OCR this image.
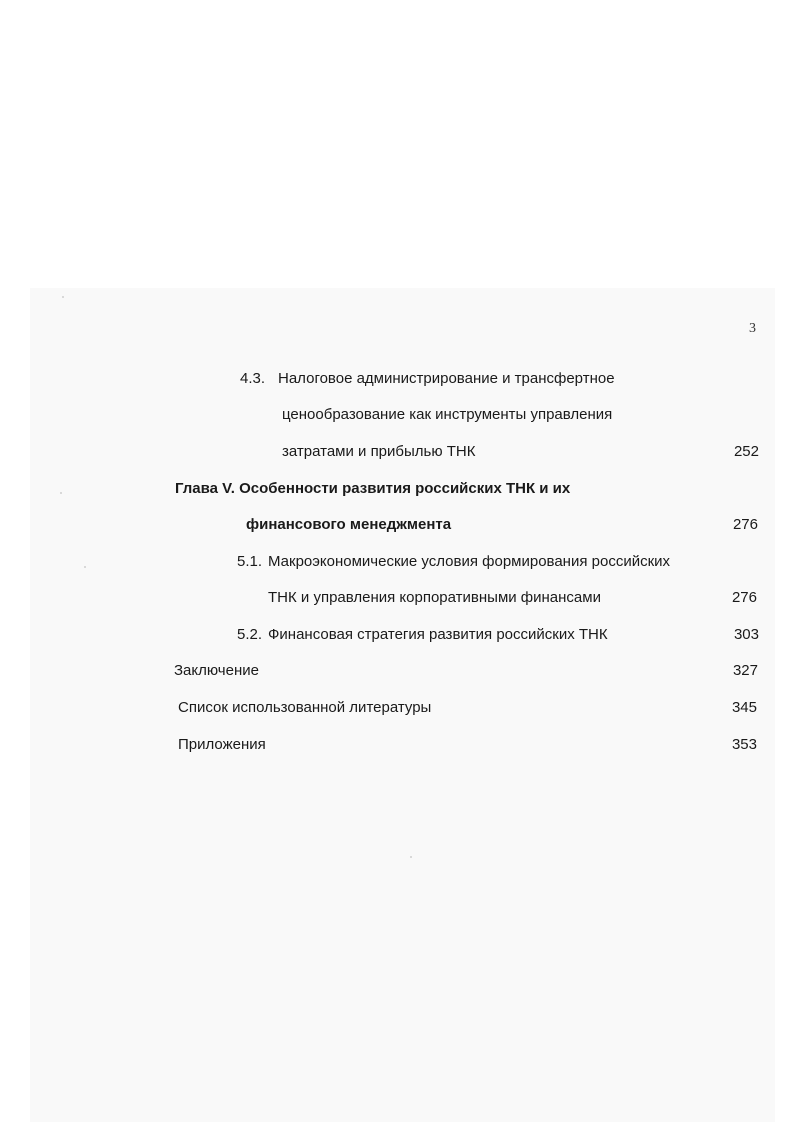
3
4.3. Налоговое администрирование и трансфертное
ценообразование как инструменты управления
затратами и прибылью ТНК	252
Глава V. Особенности развития российских ТНК и их
финансового менеджмента	276
5.1. Макроэкономические условия формирования российских
ТНК и управления корпоративными финансами	276
5.2. Финансовая стратегия развития российских ТНК	303
Заключение	327
Список использованной литературы	345
Приложения	353
